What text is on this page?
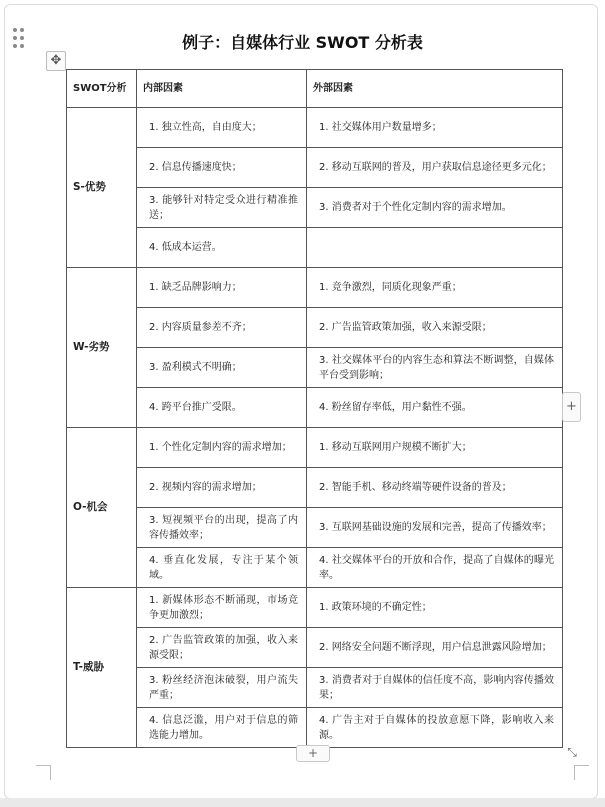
✥
例子：自媒体行业 SWOT 分析表
SWOT分析	内部因素	外部因素
S-优势	1. 独立性高，自由度大；	1. 社交媒体用户数量增多；
	2. 信息传播速度快；	2. 移动互联网的普及，用户获取信息途径更多元化；
	3. 能够针对特定受众进行精准推送；	3. 消费者对于个性化定制内容的需求增加。
	4. 低成本运营。	
W-劣势	1. 缺乏品牌影响力；	1. 竞争激烈，同质化现象严重；
	2. 内容质量参差不齐；	2. 广告监管政策加强，收入来源受限；
	3. 盈利模式不明确；	3. 社交媒体平台的内容生态和算法不断调整，自媒体平台受到影响；
	4. 跨平台推广受限。	4. 粉丝留存率低，用户黏性不强。
O-机会	1. 个性化定制内容的需求增加；	1. 移动互联网用户规模不断扩大；
	2. 视频内容的需求增加；	2. 智能手机、移动终端等硬件设备的普及；
	3. 短视频平台的出现，提高了内容传播效率；	3. 互联网基础设施的发展和完善，提高了传播效率；
	4. 垂直化发展，专注于某个领域。	4. 社交媒体平台的开放和合作，提高了自媒体的曝光率。
T-威胁	1. 新媒体形态不断涌现，市场竞争更加激烈；	1. 政策环境的不确定性；
	2. 广告监管政策的加强，收入来源受限；	2. 网络安全问题不断浮现，用户信息泄露风险增加；
	3. 粉丝经济泡沫破裂，用户流失严重；	3. 消费者对于自媒体的信任度不高，影响内容传播效果；
	4. 信息泛滥，用户对于信息的筛选能力增加。	4. 广告主对于自媒体的投放意愿下降，影响收入来源。
+
+	⤡
